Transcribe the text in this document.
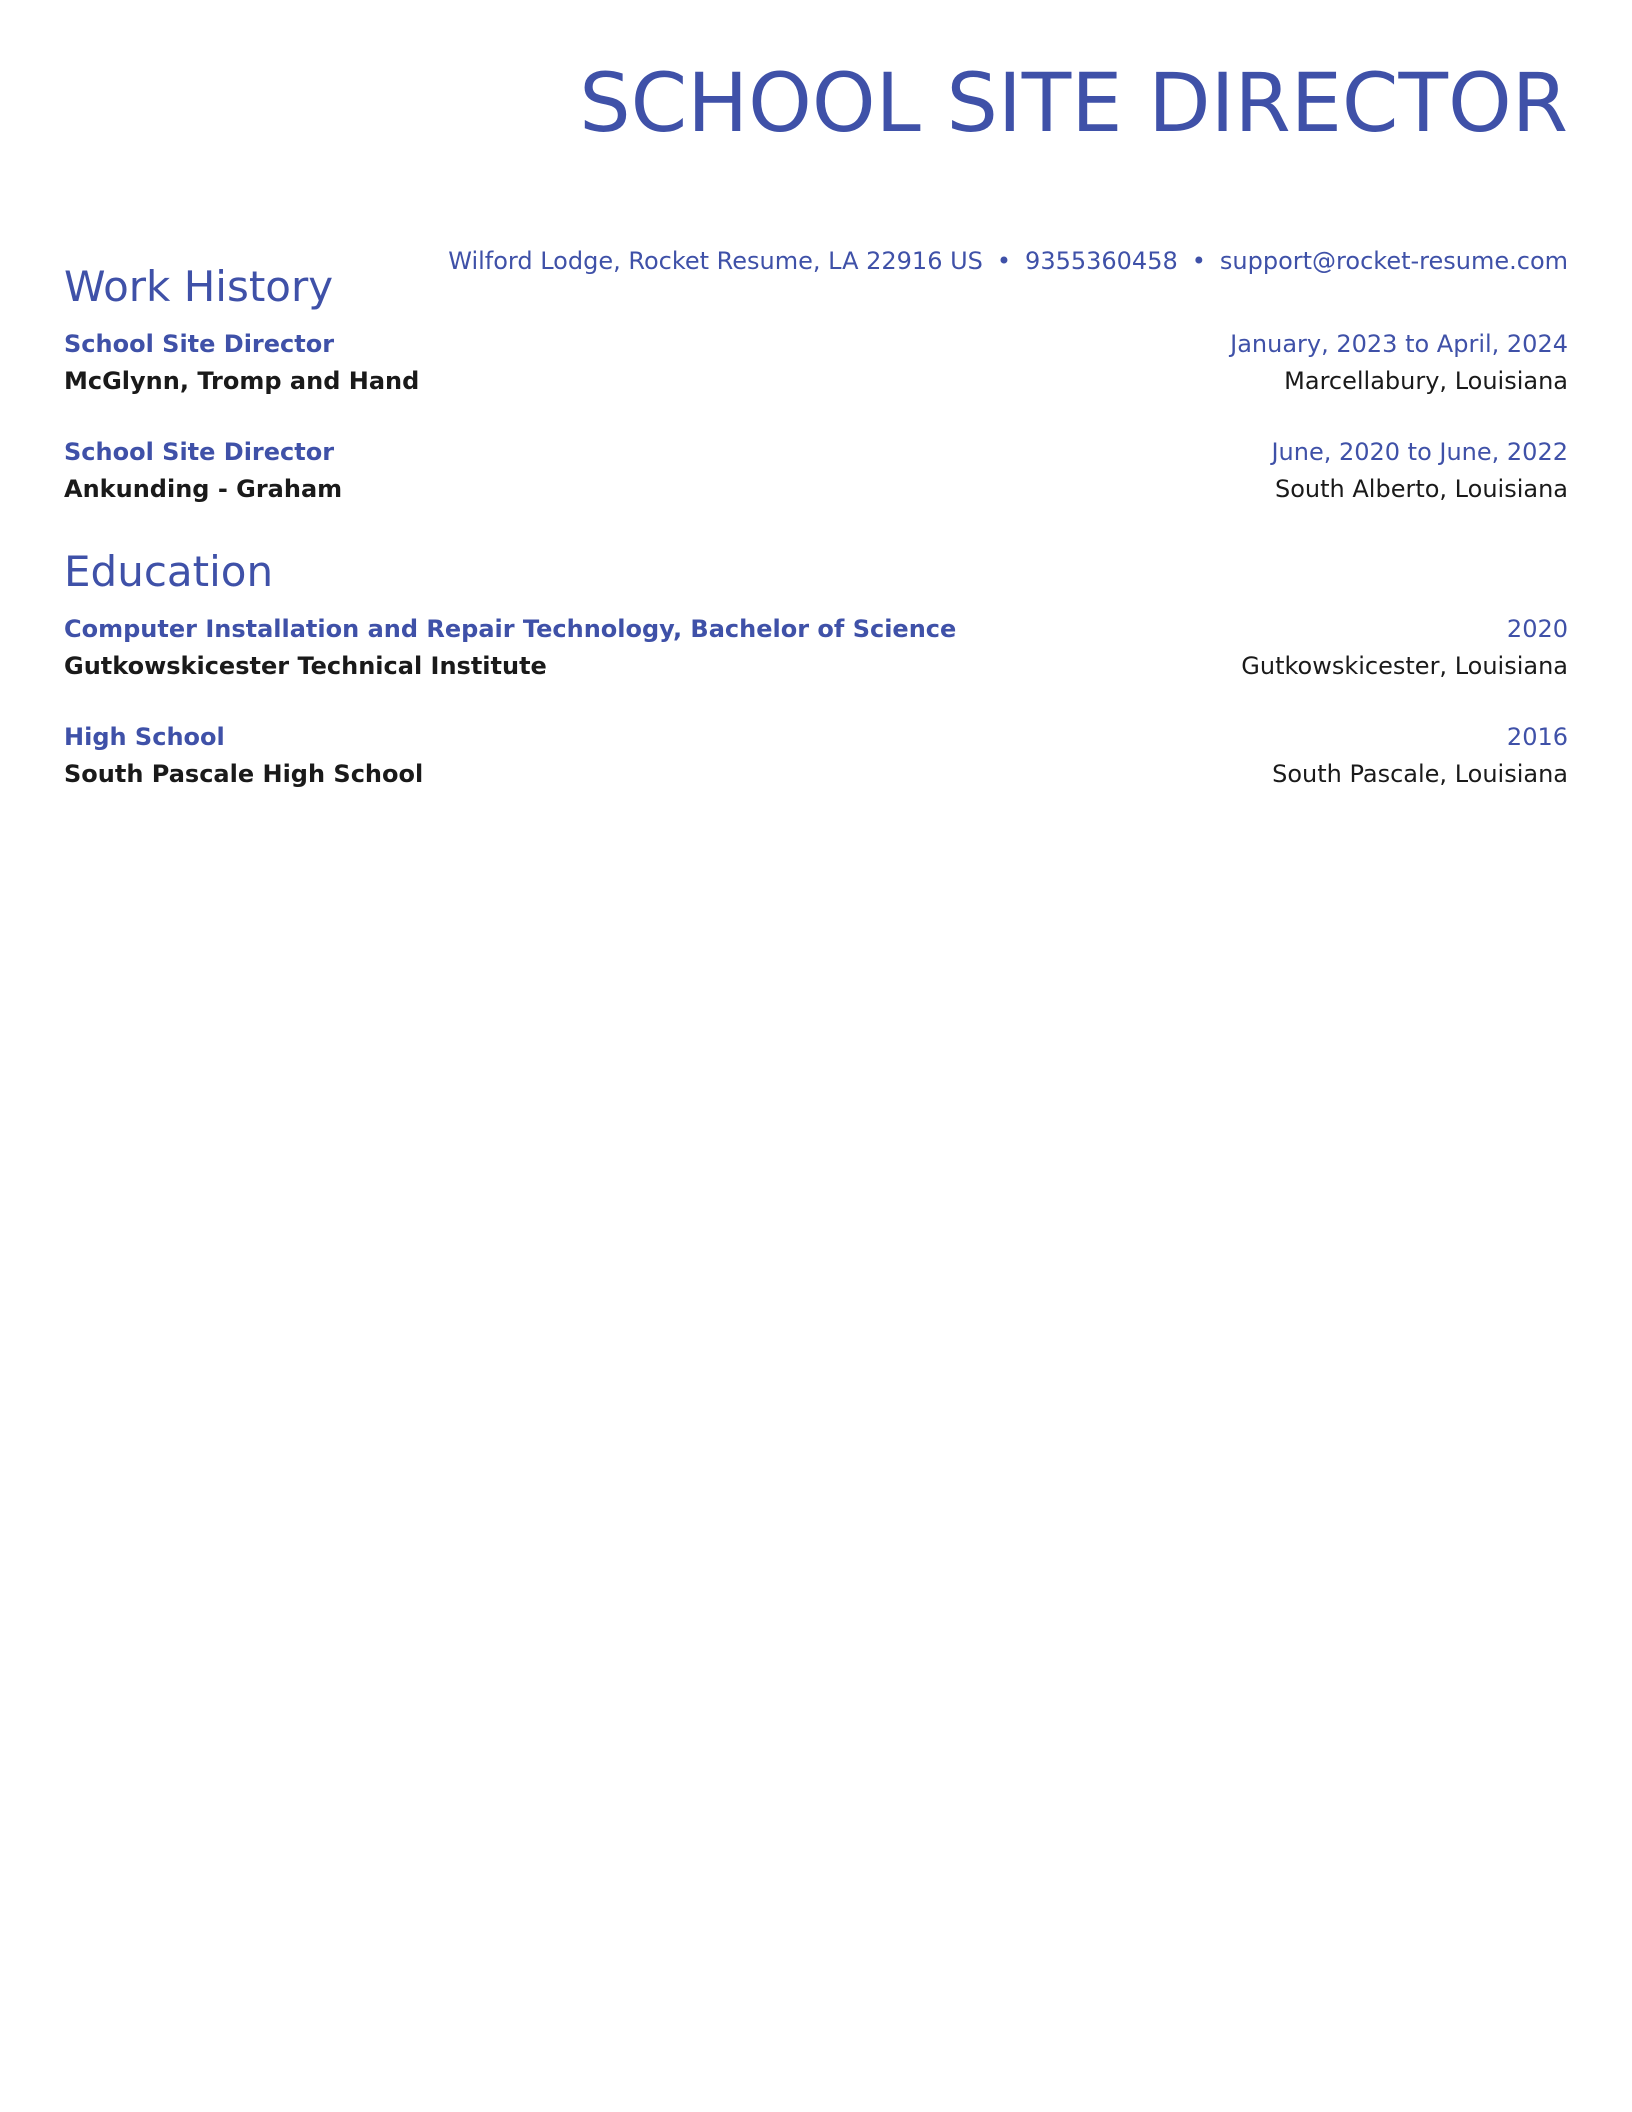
SCHOOL SITE DIRECTOR
Wilford Lodge, Rocket Resume, LA 22916 US • 9355360458 • support@rocket-resume.com
Work History
School Site Director	January, 2023 to April, 2024
McGlynn, Tromp and Hand	Marcellabury, Louisiana
School Site Director	June, 2020 to June, 2022
Ankunding - Graham	South Alberto, Louisiana
Education
Computer Installation and Repair Technology, Bachelor of Science	2020
Gutkowskicester Technical Institute	Gutkowskicester, Louisiana
High School	2016
South Pascale High School	South Pascale, Louisiana
